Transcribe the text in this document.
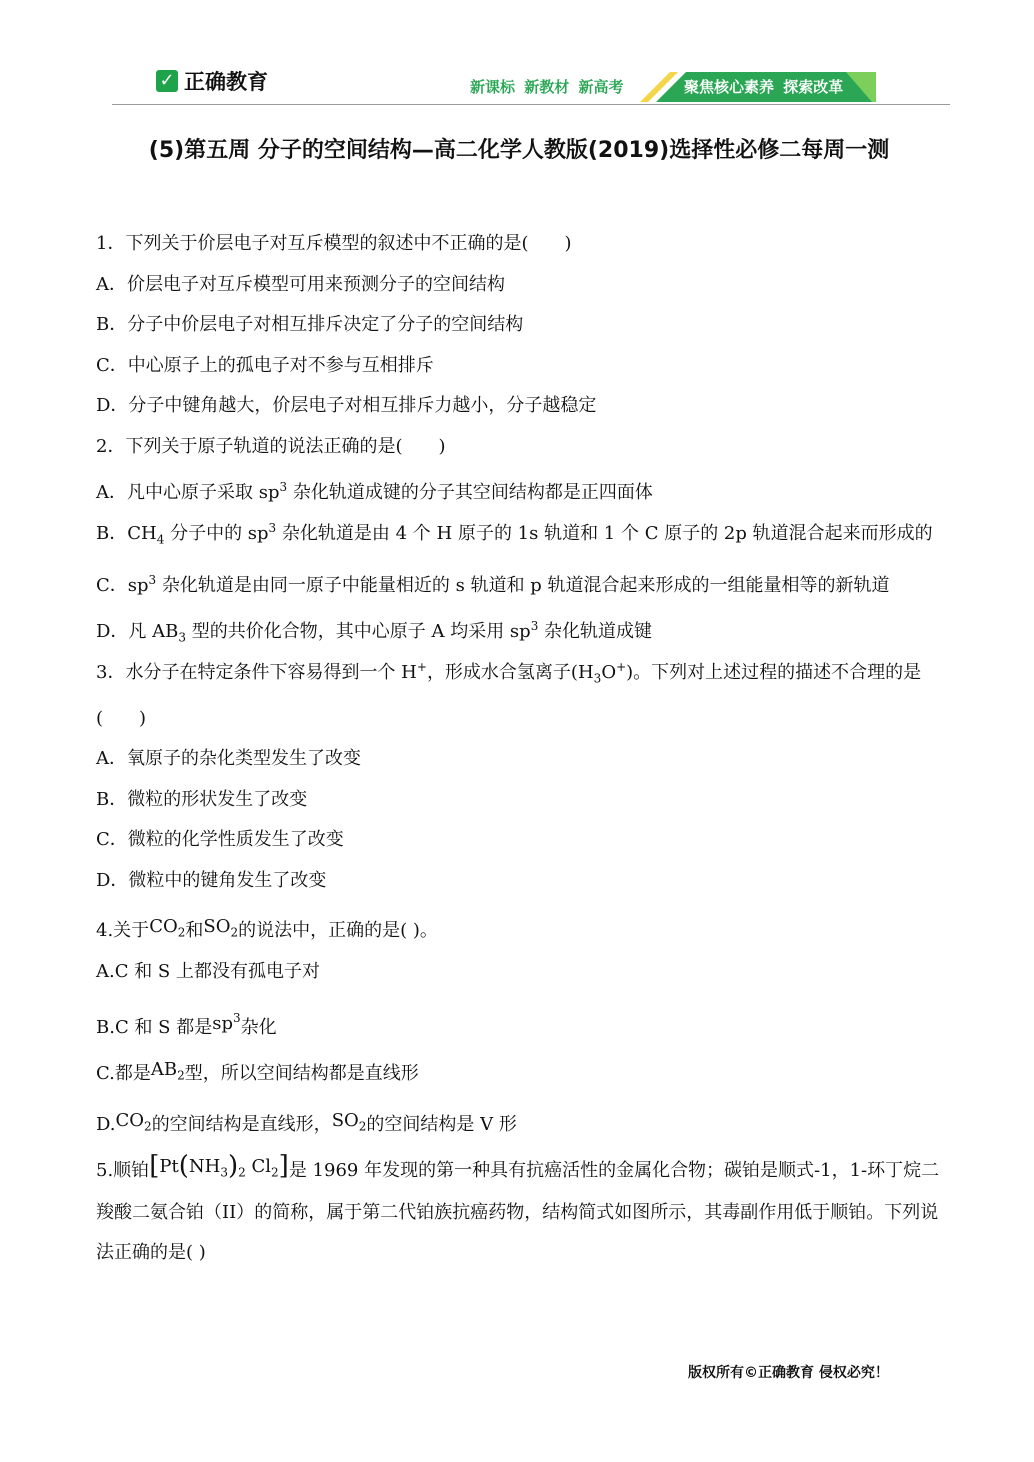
✓ 正确教育	新课标 新教材 新高考	聚焦核心素养 探索改革
(5)第五周 分子的空间结构—高二化学人教版(2019)选择性必修二每周一测
1．下列关于价层电子对互斥模型的叙述中不正确的是(　　)
A．价层电子对互斥模型可用来预测分子的空间结构
B．分子中价层电子对相互排斥决定了分子的空间结构
C．中心原子上的孤电子对不参与互相排斥
D．分子中键角越大，价层电子对相互排斥力越小，分子越稳定
2．下列关于原子轨道的说法正确的是(　　)
A．凡中心原子采取 $sp^3$ 杂化轨道成键的分子其空间结构都是正四面体
B．$CH_4$ 分子中的 $sp^3$ 杂化轨道是由 4 个 H 原子的 1s 轨道和 1 个 C 原子的 2p 轨道混合起来而形成的
C．$sp^3$ 杂化轨道是由同一原子中能量相近的 s 轨道和 p 轨道混合起来形成的一组能量相等的新轨道
D．凡 $AB_3$ 型的共价化合物，其中心原子 A 均采用 $sp^3$ 杂化轨道成键
3．水分子在特定条件下容易得到一个 H+，形成水合氢离子$(H_3O^+)$。下列对上述过程的描述不合理的是(　　)
A．氧原子的杂化类型发生了改变
B．微粒的形状发生了改变
C．微粒的化学性质发生了改变
D．微粒中的键角发生了改变
4.关于$CO_2$和$SO_2$的说法中，正确的是( )。
A.C 和 S 上都没有孤电子对
B.C 和 S 都是$sp^3$杂化
C.都是$AB_2$型，所以空间结构都是直线形
$D.CO_2$的空间结构是直线形，$SO_2$的空间结构是 V 形
5.顺铂[$Pt(NH_3)_2$ $Cl_2$]是 1969 年发现的第一种具有抗癌活性的金属化合物；碳铂是顺式-1，1-环丁烷二羧酸二氨合铂（II）的简称，属于第二代铂族抗癌药物，结构简式如图所示，其毒副作用低于顺铂。下列说法正确的是( )
版权所有©正确教育 侵权必究！
